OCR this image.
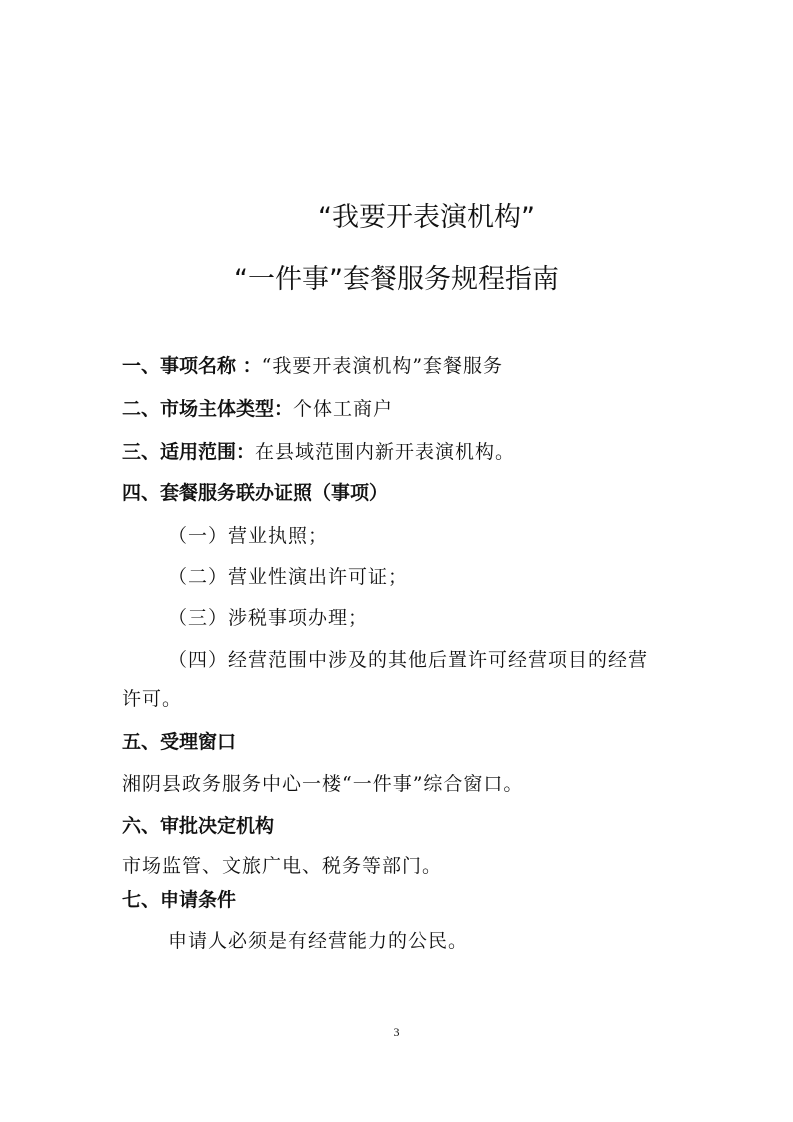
“我要开表演机构”
“一件事”套餐服务规程指南
一、事项名称 ：“我要开表演机构”套餐服务
二、市场主体类型：个体工商户
三、适用范围：在县域范围内新开表演机构。
四、套餐服务联办证照（事项）
（一）营业执照；
（二）营业性演出许可证；
（三）涉税事项办理；
（四）经营范围中涉及的其他后置许可经营项目的经营
许可。
五、受理窗口
湘阴县政务服务中心一楼“一件事”综合窗口。
六、审批决定机构
市场监管、文旅广电、税务等部门。
七、申请条件
申请人必须是有经营能力的公民。
3
